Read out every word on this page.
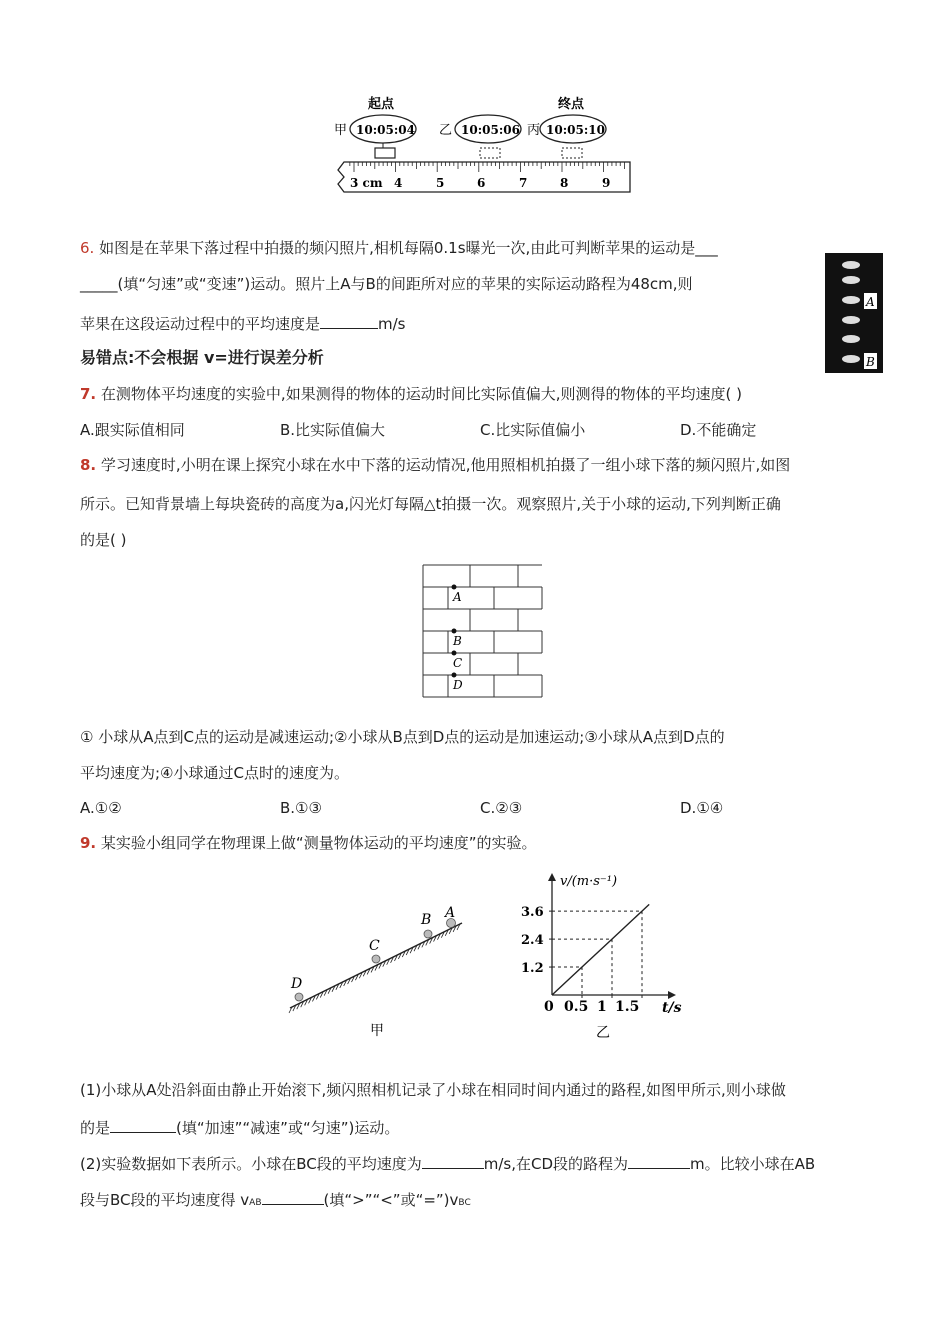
起点	终点
甲 10:05:04 乙 10:05:06 丙 10:05:10
3 cm 4	5	6	7	8	9
6. 如图是在苹果下落过程中拍摄的频闪照片,相机每隔0.1s曝光一次,由此可判断苹果的运动是___
_____(填“匀速”或“变速”)运动。照片上A与B的间距所对应的苹果的实际运动路程为48cm,则
苹果在这段运动过程中的平均速度是	m/s
A
B
易错点:不会根据 v=进行误差分析
7. 在测物体平均速度的实验中,如果测得的物体的运动时间比实际值偏大,则测得的物体的平均速度( )
A.跟实际值相同	B.比实际值偏大	C.比实际值偏小	D.不能确定
8. 学习速度时,小明在课上探究小球在水中下落的运动情况,他用照相机拍摄了一组小球下落的频闪照片,如图
所示。已知背景墙上每块瓷砖的高度为a,闪光灯每隔△t拍摄一次。观察照片,关于小球的运动,下列判断正确
的是( )
A
B
C
D
① 小球从A点到C点的运动是减速运动;②小球从B点到D点的运动是加速运动;③小球从A点到D点的
平均速度为;④小球通过C点时的速度为。
A.①②	B.①③	C.②③	D.①④
9. 某实验小组同学在物理课上做“测量物体运动的平均速度”的实验。
A
B
C
D
甲
v/(m·s⁻¹)
t/s
0
1.2
2.4
3.6
0.5 1 1.5
乙
(1)小球从A处沿斜面由静止开始滚下,频闪照相机记录了小球在相同时间内通过的路程,如图甲所示,则小球做
的是	(填“加速”“减速”或“匀速”)运动。
(2)实验数据如下表所示。小球在BC段的平均速度为	m/s,在CD段的路程为	m。比较小球在AB
段与BC段的平均速度得 vAB	(填“>”“<”或“=”)vBC
